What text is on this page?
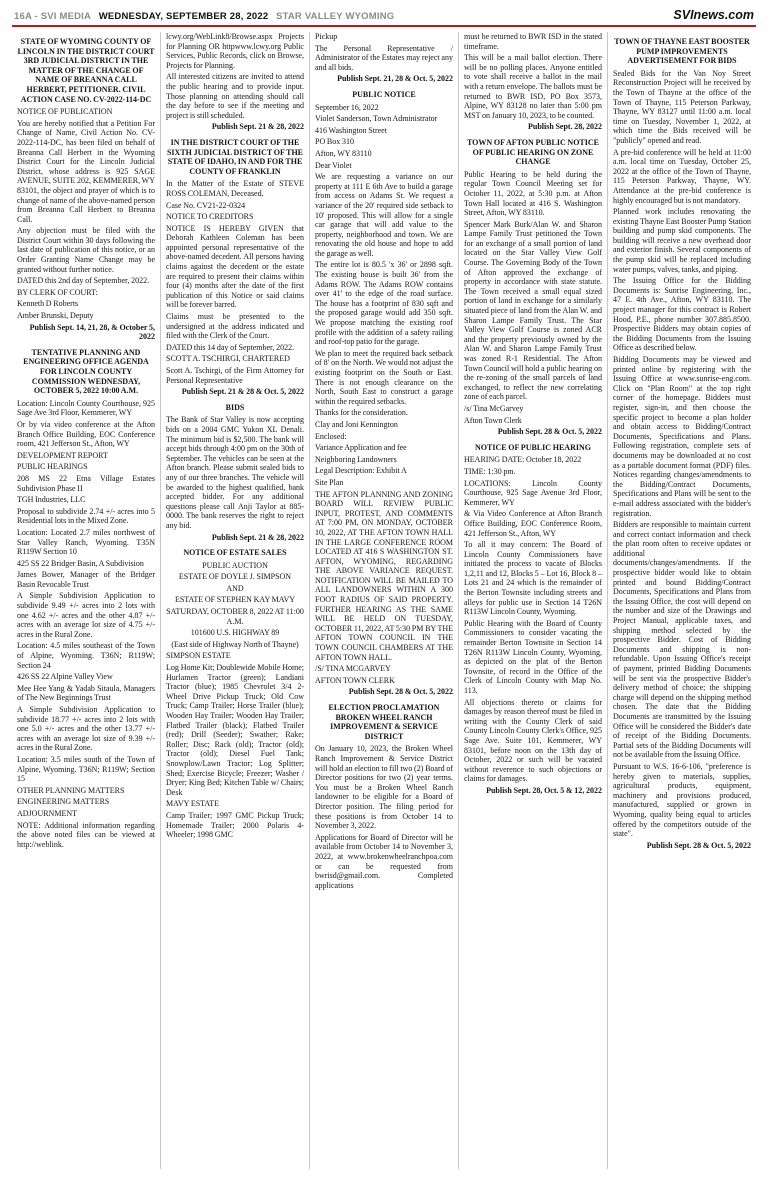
16A - SVI MEDIA WEDNESDAY, SEPTEMBER 28, 2022 STAR VALLEY WYOMING	SVInews.com

STATE OF WYOMING COUNTY OF LINCOLN IN THE DISTRICT COURT 3RD JUDICIAL DISTRICT IN THE MATTER OF THE CHANGE OF NAME OF BREANNA CALL HERBERT, PETITIONER. CIVIL ACTION CASE NO. CV-2022-114-DC

NOTICE OF PUBLICATION

You are hereby notified that a Petition For Change of Name, Civil Action No. CV-2022-114-DC, has been filed on behalf of Breanna Call Herbert in the Wyoming District Court for the Lincoln Judicial District, whose address is 925 SAGE AVENUE, SUITE 202, KEMMERER, WY 83101, the object and prayer of which is to change of name of the above-named person from Breanna Call Herbert to Breanna Call.

Any objection must be filed with the District Court within 30 days following the last date of publication of this notice, or an Order Granting Name Change may be granted without further notice.

DATED this 2nd day of September, 2022.

BY CLERK OF COURT:

Kenneth D Roberts

Amber Brunski, Deputy

Publish Sept. 14, 21, 28, & October 5, 2022

TENTATIVE PLANNING AND ENGINEERING OFFICE AGENDA FOR LINCOLN COUNTY COMMISSION WEDNESDAY, OCTOBER 5, 2022 10:00 A.M.

Location: Lincoln County Courthouse, 925 Sage Ave 3rd Floor, Kemmerer, WY

Or by via video conference at the Afton Branch Office Building, EOC Conference room, 421 Jefferson St., Afton, WY

DEVELOPMENT REPORT

PUBLIC HEARINGS

208 MS 22 Etna Village Estates Subdivision Phase II

TGH Industries, LLC

Proposal to subdivide 2.74 +/- acres into 5 Residential lots in the Mixed Zone.

Location: Located 2.7 miles northwest of Star Valley Ranch, Wyoming. T35N R119W Section 10

425 SS 22 Bridger Basin, A Subdivision

James Bower, Manager of the Bridger Basin Revocable Trust

A Simple Subdivision Application to subdivide 9.49 +/- acres into 2 lots with one 4.62 +/- acres and the other 4.87 +/- acres with an average lot size of 4.75 +/- acres in the Rural Zone.

Location: 4.5 miles southeast of the Town of Alpine, Wyoming. T36N; R119W; Section 24

426 SS 22 Alpine Valley View

Mee Hee Yang & Yadab Sitaula, Managers of The New Beginnings Trust

A Simple Subdivision Application to subdivide 18.77 +/- acres into 2 lots with one 5.0 +/- acres and the other 13.77 +/- acres with an average lot size of 9.39 +/- acres in the Rural Zone.

Location: 3.5 miles south of the Town of Alpine, Wyoming. T36N; R119W; Section 15

OTHER PLANNING MATTERS

ENGINEERING MATTERS

ADJOURNMENT

NOTE: Additional information regarding the above noted files can be viewed at http://weblink.

lcwy.org/WebLink8/Browse.aspx Projects for Planning OR httpwww.lcwy.org Public Services, Public Records, click on Browse, Projects for Planning.

All interested citizens are invited to attend the public hearing and to provide input. Those planning on attending should call the day before to see if the meeting and project is still scheduled.

Publish Sept. 21 & 28, 2022

IN THE DISTRICT COURT OF THE SIXTH JUDICIAL DISTRICT OF THE STATE OF IDAHO, IN AND FOR THE COUNTY OF FRANKLIN

In the Matter of the Estate of STEVE ROSS COLEMAN, Deceased.

Case No. CV21-22-0324

NOTICE TO CREDITORS

NOTICE IS HEREBY GIVEN that Deborah Kathleen Coleman has been appointed personal representative of the above-named decedent. All persons having claims against the decedent or the estate are required to present their claims within four (4) months after the date of the first publication of this Notice or said claims will be forever barred.

Claims must be presented to the undersigned at the address indicated and filed with the Clerk of the Court.

DATED this 14 day of September, 2022.

SCOTT A. TSCHIRGI, CHARTERED

Scott A. Tschirgi, of the Firm Attorney for Personal Representative

Publish Sept. 21 & 28 & Oct. 5, 2022

BIDS

The Bank of Star Valley is now accepting bids on a 2004 GMC Yukon XL Denali. The minimum bid is $2,500. The bank will accept bids through 4:00 pm on the 30th of September. The vehicles can be seen at the Afton branch. Please submit sealed bids to any of our three branches. The vehicle will be awarded to the highest qualified, bank accepted bidder. For any additional questions please call Anji Taylor at 885- 0000. The bank reserves the right to reject any bid.

Publish Sept. 21 & 28, 2022

NOTICE OF ESTATE SALES

PUBLIC AUCTION

ESTATE OF DOYLE J. SIMPSON

AND

ESTATE OF STEPHEN KAY MAVY

SATURDAY, OCTOBER 8, 2022 AT 11:00 A.M.

101600 U.S. HIGHWAY 89

(East side of Highway North of Thayne)

SIMPSON ESTATE

Log Home Kit; Doublewide Mobile Home; Hurlamen Tractor (green); Landiani Tractor (blue); 1985 Chevrolet 3/4 2-Wheel Drive Pickup Truck; Old Cow Truck; Camp Trailer; Horse Trailer (blue); Wooden Hay Trailer; Wooden Hay Trailer; Flatbed Trailer (black); Flatbed Trailer (red); Drill (Seeder); Swather; Rake; Roller; Disc; Rack (old); Tractor (old); Tractor (old); Diesel Fuel Tank; Snowplow/Lawn Tractor; Log Splitter; Shed; Exercise Bicycle; Freezer; Washer / Dryer; King Bed; Kitchen Table w/ Chairs; Desk

MAVY ESTATE

Camp Trailer; 1997 GMC Pickup Truck; Homemade Trailer; 2000 Polaris 4-Wheeler; 1998 GMC

Pickup

The Personal Representative / Administrator of the Estates may reject any and all bids.

Publish Sept. 21, 28 & Oct. 5, 2022

PUBLIC NOTICE

September 16, 2022

Violet Sanderson, Town Administrator

416 Washington Street

PO Box 310

Afton, WY 83110

Dear Violet

We are requesting a variance on our property at 111 E 6th Ave to build a garage from access on Adams St. We request a variance of the 20' required side setback to 10' proposed. This will allow for a single car garage that will add value to the property, neighborhood and town. We are renovating the old house and hope to add the garage as well.

The entire lot is 80.5 'x 36' or 2898 sqft. The existing house is built 36' from the Adams ROW. The Adams ROW contains over 41' to the edge of the road surface. The house has a footprint of 830 sqft and the proposed garage would add 350 sqft. We propose matching the existing roof profile with the addition of a safety railing and roof-top patio for the garage.

We plan to meet the required back setback of 8' on the North. We would not adjust the existing footprint on the South or East. There is not enough clearance on the North, South East to construct a garage within the required setbacks.

Thanks for the consideration.

Clay and Joni Kennington

Enclosed:

Variance Application and fee

Neighboring Landowners

Legal Description: Exhibit A

Site Plan

THE AFTON PLANNING AND ZONING BOARD WILL REVIEW PUBLIC INPUT, PROTEST, AND COMMENTS AT 7:00 PM, ON MONDAY, OCTOBER 10, 2022, AT THE AFTON TOWN HALL IN THE LARGE CONFERENCE ROOM LOCATED AT 416 S WASHINGTON ST. AFTON, WYOMING, REGARDING THE ABOVE VARIANCE REQUEST. NOTIFICATION WILL BE MAILED TO ALL LANDOWNERS WITHIN A 300 FOOT RADIUS OF SAID PROPERTY. FURTHER HEARING AS THE SAME WILL BE HELD ON TUESDAY, OCTOBER 11, 2022, AT 5:30 PM BY THE AFTON TOWN COUNCIL IN THE TOWN COUNCIL CHAMBERS AT THE AFTON TOWN HALL.

/S/ TINA MCGARVEY

AFTON TOWN CLERK

Publish Sept. 28 & Oct. 5, 2022

ELECTION PROCLAMATION BROKEN WHEEL RANCH IMPROVEMENT & SERVICE DISTRICT

On January 10, 2023, the Broken Wheel Ranch Improvement & Service District will hold an election to fill two (2) Board of Director positions for two (2) year terms. You must be a Broken Wheel Ranch landowner to be eligible for a Board of Director position. The filing period for these positions is from October 14 to November 3, 2022.

Applications for Board of Director will be available from October 14 to November 3, 2022, at www.brokenwheelranchpoa.com or can be requested from bwrisd@gmail.com. Completed applications

must be returned to BWR ISD in the stated timeframe.

This will be a mail ballot election. There will be no polling places. Anyone entitled to vote shall receive a ballot in the mail with a return envelope. The ballots must be returned to BWR ISD, PO Box 3573, Alpine, WY 83128 no later than 5:00 pm MST on January 10, 2023, to be counted.

Publish Sept. 28, 2022

TOWN OF AFTON PUBLIC NOTICE OF PUBLIC HEARING ON ZONE CHANGE

Public Hearing to be held during the regular Town Council Meeting set for October 11, 2022, at 5:30 p.m. at Afton Town Hall located at 416 S. Washington Street, Afton, WY 83110.

Spencer Mark Burk/Alan W. and Sharon Lampe Family Trust petitioned the Town for an exchange of a small portion of land located on the Star Valley View Golf Course. The Governing Body of the Town of Afton approved the exchange of property in accordance with state statute. The Town received a small equal sized portion of land in exchange for a similarly situated piece of land from the Alan W. and Sharon Lampe Family Trust. The Star Valley View Golf Course is zoned ACR and the property previously owned by the Alan W. and Sharon Lampe Family Trust was zoned R-1 Residential. The Afton Town Council will hold a public hearing on the re-zoning of the small parcels of land exchanged, to reflect the new correlating zone of each parcel.

/s/ Tina McGarvey

Afton Town Clerk

Publish Sept. 28 & Oct. 5, 2022

NOTICE OF PUBLIC HEARING

HEARING DATE: October 18, 2022

TIME: 1:30 pm.

LOCATIONS: Lincoln County Courthouse, 925 Sage Avenue 3rd Floor, Kemmerer, WY

& Via Video Conference at Afton Branch Office Building, EOC Conference Room, 421 Jefferson St., Afton, WY

To all it may concern: The Board of Lincoln County Commissioners have initiated the process to vacate of Blocks 1,2,11 and 12, Blocks 5 – Lot 16, Block 8 – Lots 21 and 24 which is the remainder of the Berton Townsite including streets and alleys for public use in Section 14 T26N R113W Lincoln County, Wyoming.

Public Hearing with the Board of County Commissioners to consider vacating the remainder Berton Townsite in Section 14 T26N R113W Lincoln County, Wyoming, as depicted on the plat of the Berton Townsite, of record in the Office of the Clerk of Lincoln County with Map No. 113.

All objections thereto or claims for damages by reason thereof must be filed in writing with the County Clerk of said County Lincoln County Clerk's Office, 925 Sage Ave. Suite 101, Kemmerer, WY 83101, before noon on the 13th day of October, 2022 or such will be vacated without reverence to such objections or claims for damages.

Publish Sept. 28, Oct. 5 & 12, 2022

TOWN OF THAYNE EAST BOOSTER PUMP IMPROVEMENTS ADVERTISEMENT FOR BIDS

Sealed Bids for the Van Noy Street Reconstruction Project will be received by the Town of Thayne at the office of the Town of Thayne, 115 Peterson Parkway, Thayne, WY 83127 until 11:00 a.m. local time on Tuesday, November 1, 2022, at which time the Bids received will be "publicly" opened and read.

A pre-bid conference will be held at 11:00 a.m. local time on Tuesday, October 25, 2022 at the office of the Town of Thayne, 115 Peterson Parkway, Thayne, WY. Attendance at the pre-bid conference is highly encouraged but is not mandatory.

Planned work includes renovating the existing Thayne East Booster Pump Station building and pump skid components. The building will receive a new overhead door and exterior finish. Several components of the pump skid will be replaced including water pumps, valves, tanks, and piping.

The Issuing Office for the Bidding Documents is: Sunrise Engineering, Inc., 47 E. 4th Ave., Afton, WY 83110. The project manager for this contract is Robert Hood, P.E., phone number 307.885.8500. Prospective Bidders may obtain copies of the Bidding Documents from the Issuing Office as described below.

Bidding Documents may be viewed and printed online by registering with the Issuing Office at www.sunrise-eng.com. Click on "Plan Room" at the top right corner of the homepage. Bidders must register, sign-in, and then choose the specific project to become a plan holder and obtain access to Bidding/Contract Documents, Specifications and Plans. Following registration, complete sets of documents may be downloaded at no cost as a portable document format (PDF) files. Notices regarding changes/amendments to the Bidding/Contract Documents, Specifications and Plans will be sent to the e-mail address associated with the bidder's registration.

Bidders are responsible to maintain current and correct contact information and check the plan room often to receive updates or additional documents/changes/amendments. If the prospective bidder would like to obtain printed and bound Bidding/Contract Documents, Specifications and Plans from the Issuing Office, the cost will depend on the number and size of the Drawings and Project Manual, applicable taxes, and shipping method selected by the prospective Bidder. Cost of Bidding Documents and shipping is non-refundable. Upon Issuing Office's receipt of payment, printed Bidding Documents will be sent via the prospective Bidder's delivery method of choice; the shipping charge will depend on the shipping method chosen. The date that the Bidding Documents are transmitted by the Issuing Office will be considered the Bidder's date of receipt of the Bidding Documents. Partial sets of the Bidding Documents will not be available from the Issuing Office.

Pursuant to W.S. 16-6-106, "preference is hereby given to materials, supplies, agricultural products, equipment, machinery and provisions produced, manufactured, supplied or grown in Wyoming, quality being equal to articles offered by the competitors outside of the state".

Publish Sept. 28 & Oct. 5, 2022
